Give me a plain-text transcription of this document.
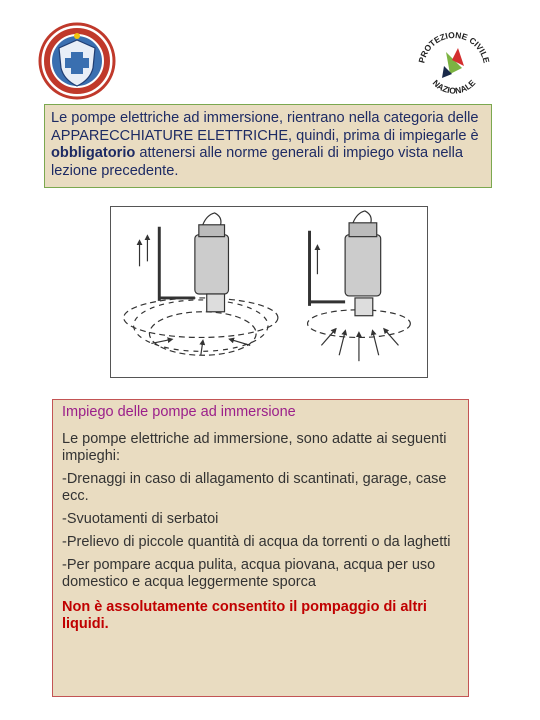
PROTEZIONE CIVILE
NAZIONALE
Le pompe elettriche ad immersione, rientrano nella categoria delle APPARECCHIATURE ELETTRICHE, quindi, prima di impiegarle è obbligatorio attenersi alle norme generali di impiego vista nella lezione precedente.

Impiego delle pompe ad immersione

Le pompe elettriche ad immersione, sono adatte ai seguenti impieghi:

-Drenaggi in caso di allagamento di scantinati, garage, case ecc.

-Svuotamenti di serbatoi

-Prelievo di piccole quantità di acqua da torrenti o da laghetti

-Per pompare acqua pulita, acqua piovana, acqua per uso domestico e acqua leggermente sporca

Non è assolutamente consentito il pompaggio di altri liquidi.
